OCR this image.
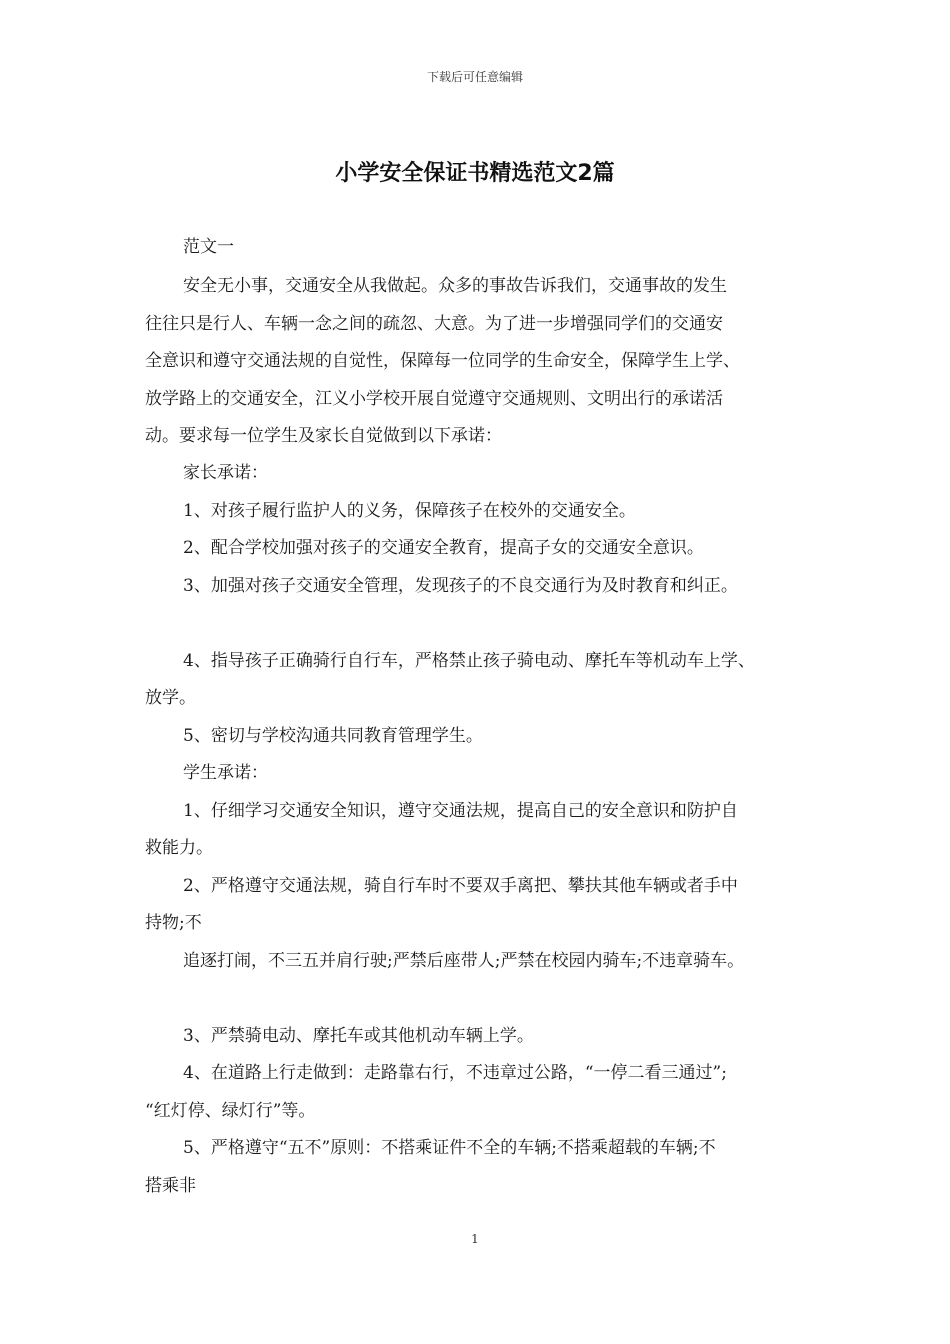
下载后可任意编辑
小学安全保证书精选范文2篇
范文一
安全无小事，交通安全从我做起。众多的事故告诉我们，交通事故的发生
往往只是行人、车辆一念之间的疏忽、大意。为了进一步增强同学们的交通安
全意识和遵守交通法规的自觉性，保障每一位同学的生命安全，保障学生上学、
放学路上的交通安全，江义小学校开展自觉遵守交通规则、文明出行的承诺活
动。要求每一位学生及家长自觉做到以下承诺：
家长承诺：
1、对孩子履行监护人的义务，保障孩子在校外的交通安全。
2、配合学校加强对孩子的交通安全教育，提高子女的交通安全意识。
3、加强对孩子交通安全管理，发现孩子的不良交通行为及时教育和纠正。
4、指导孩子正确骑行自行车，严格禁止孩子骑电动、摩托车等机动车上学、
放学。
5、密切与学校沟通共同教育管理学生。
学生承诺：
1、仔细学习交通安全知识，遵守交通法规，提高自己的安全意识和防护自
救能力。
2、严格遵守交通法规，骑自行车时不要双手离把、攀扶其他车辆或者手中
持物;不
追逐打闹，不三五并肩行驶;严禁后座带人;严禁在校园内骑车;不违章骑车。
3、严禁骑电动、摩托车或其他机动车辆上学。
4、在道路上行走做到：走路靠右行，不违章过公路，“一停二看三通过”;
“红灯停、绿灯行”等。
5、严格遵守“五不”原则：不搭乘证件不全的车辆;不搭乘超载的车辆;不
搭乘非
1
